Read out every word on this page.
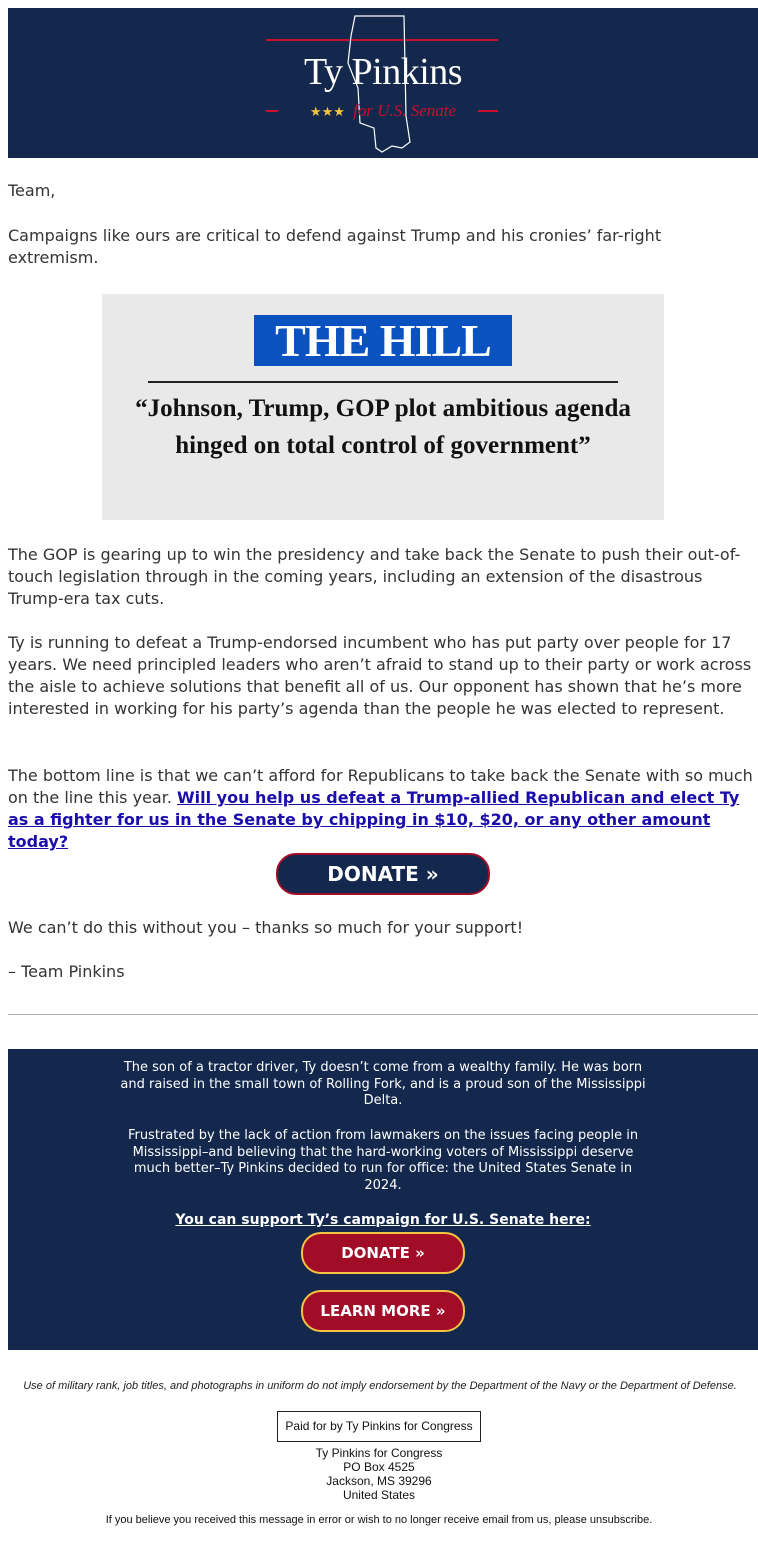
Ty Pinkins
★★★ for U.S. Senate

Team,

Campaigns like ours are critical to defend against Trump and his cronies’ far-right extremism.

THE HILL
“Johnson, Trump, GOP plot ambitious agenda hinged on total control of government”

The GOP is gearing up to win the presidency and take back the Senate to push their out-of-touch legislation through in the coming years, including an extension of the disastrous Trump-era tax cuts.

Ty is running to defeat a Trump-endorsed incumbent who has put party over people for 17 years. We need principled leaders who aren’t afraid to stand up to their party or work across the aisle to achieve solutions that benefit all of us. Our opponent has shown that he’s more interested in working for his party’s agenda than the people he was elected to represent.

The bottom line is that we can’t afford for Republicans to take back the Senate with so much on the line this year. Will you help us defeat a Trump-allied Republican and elect Ty as a fighter for us in the Senate by chipping in $10, $20, or any other amount today?

DONATE »

We can’t do this without you – thanks so much for your support!

– Team Pinkins

The son of a tractor driver, Ty doesn’t come from a wealthy family. He was born and raised in the small town of Rolling Fork, and is a proud son of the Mississippi Delta.

Frustrated by the lack of action from lawmakers on the issues facing people in Mississippi–and believing that the hard-working voters of Mississippi deserve much better–Ty Pinkins decided to run for office: the United States Senate in 2024.

You can support Ty’s campaign for U.S. Senate here:
DONATE »
LEARN MORE »

Use of military rank, job titles, and photographs in uniform do not imply endorsement by the Department of the Navy or the Department of Defense.

Paid for by Ty Pinkins for Congress
Ty Pinkins for Congress
PO Box 4525
Jackson, MS 39296
United States
If you believe you received this message in error or wish to no longer receive email from us, please unsubscribe.
